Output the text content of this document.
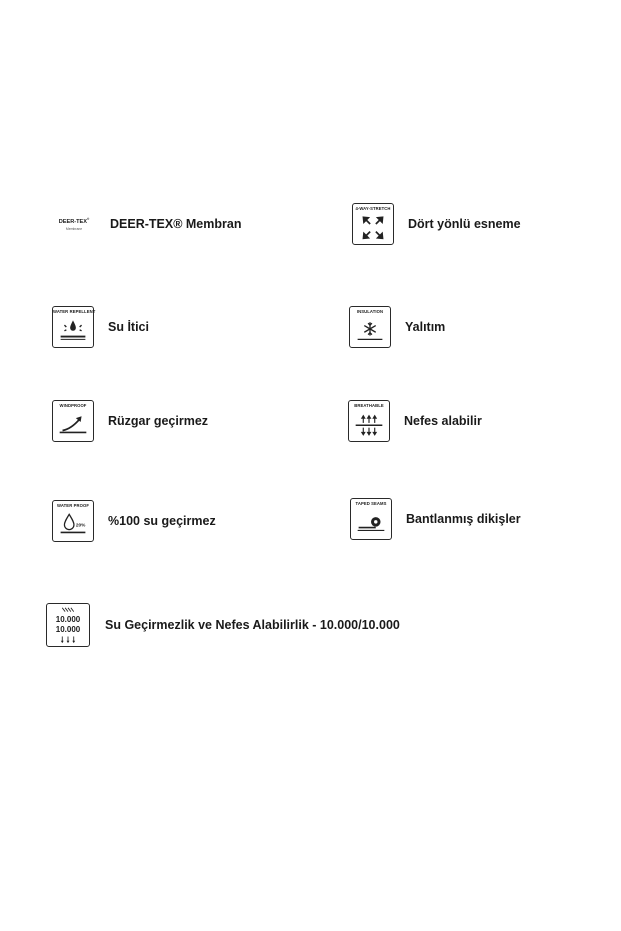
DEER-TEX®
Membrane DEER-TEX® Membran
4-WAY-STRETCH
Dört yönlü esneme
WATER REPELLENT
Su İtici
INSULATION
Yalıtım
WINDPROOF
Rüzgar geçirmez
BREATHABLE
Nefes alabilir
WATER PROOF
20% %100 su geçirmez
TAPED SEAMS
Bantlanmış dikişler
10.000
10.000	Su Geçirmezlik ve Nefes Alabilirlik - 10.000/10.000
